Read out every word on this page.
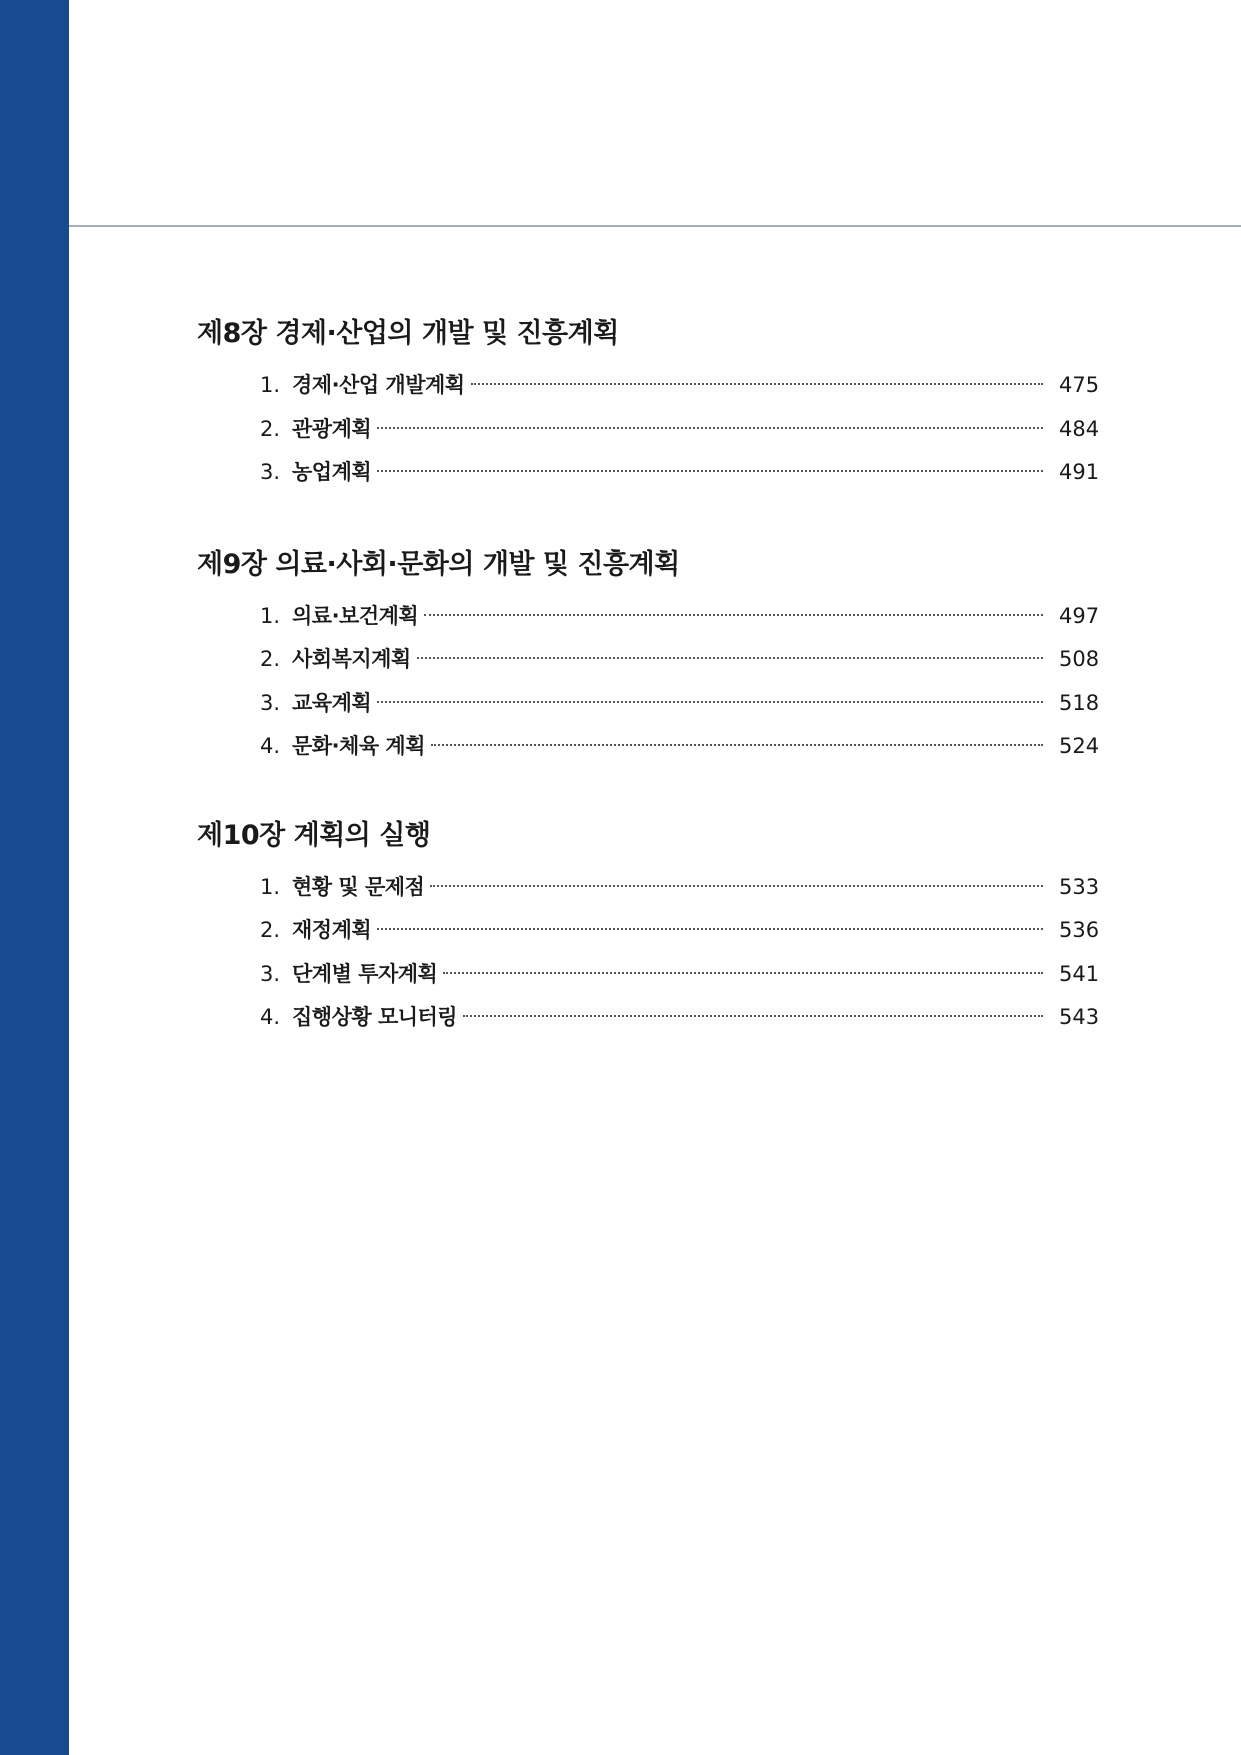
제8장 경제·산업의 개발 및 진흥계획
1. 경제·산업 개발계획	475
2. 관광계획	484
3. 농업계획	491
제9장 의료·사회·문화의 개발 및 진흥계획
1. 의료·보건계획	497
2. 사회복지계획	508
3. 교육계획	518
4. 문화·체육 계획	524
제10장 계획의 실행
1. 현황 및 문제점	533
2. 재정계획	536
3. 단계별 투자계획	541
4. 집행상황 모니터링	543
